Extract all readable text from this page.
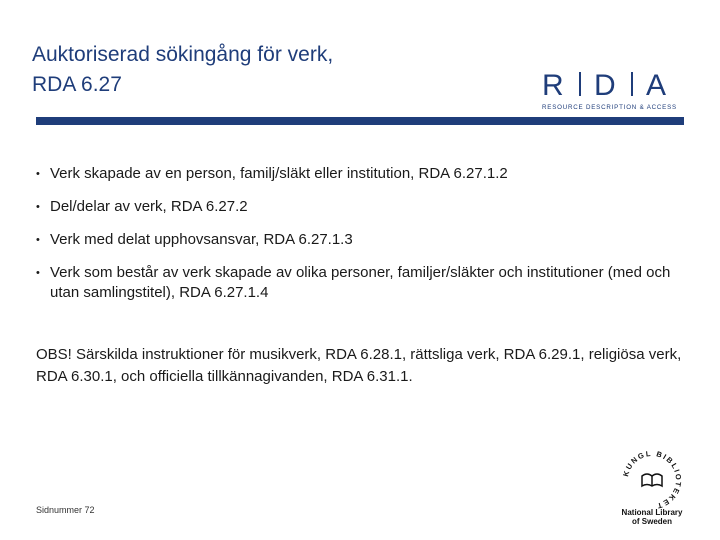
Auktoriserad sökingång för verk,
RDA 6.27	R D A
RESOURCE DESCRIPTION & ACCESS
• Verk skapade av en person, familj/släkt eller institution, RDA 6.27.1.2
• Del/delar av verk, RDA 6.27.2
• Verk med delat upphovsansvar, RDA 6.27.1.3
• Verk som består av verk skapade av olika personer, familjer/släkter och institutioner (med och utan samlingstitel), RDA 6.27.1.4
OBS! Särskilda instruktioner för musikverk, RDA 6.28.1, rättsliga verk, RDA 6.29.1, religiösa verk, RDA 6.30.1, och officiella tillkännagivanden, RDA 6.31.1.
Sidnummer 72
KUNGL BIBLIOTEKET
National Library
of Sweden
